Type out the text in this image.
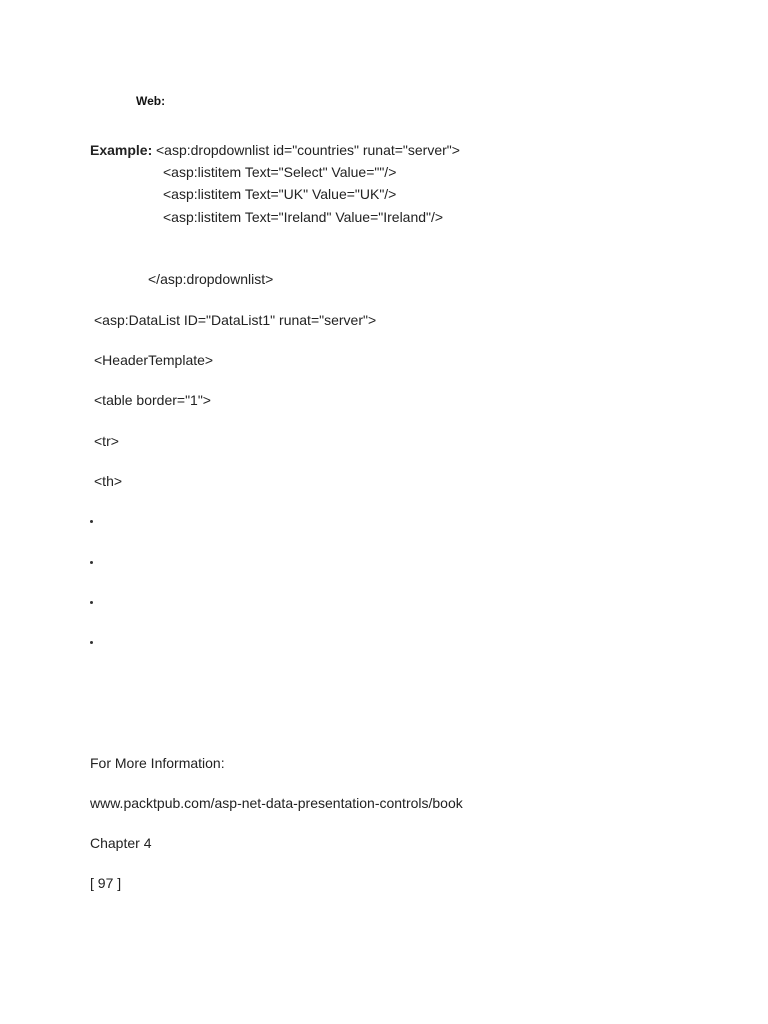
Web:
Example: <asp:dropdownlist id="countries" runat="server">
<asp:listitem Text="Select" Value=""/>
<asp:listitem Text="UK" Value="UK"/>
<asp:listitem Text="Ireland" Value="Ireland"/>
</asp:dropdownlist>
<asp:DataList ID="DataList1" runat="server">
<HeaderTemplate>
<table border="1">
<tr>
<th>
For More Information:
www.packtpub.com/asp-net-data-presentation-controls/book
Chapter 4
[ 97 ]
